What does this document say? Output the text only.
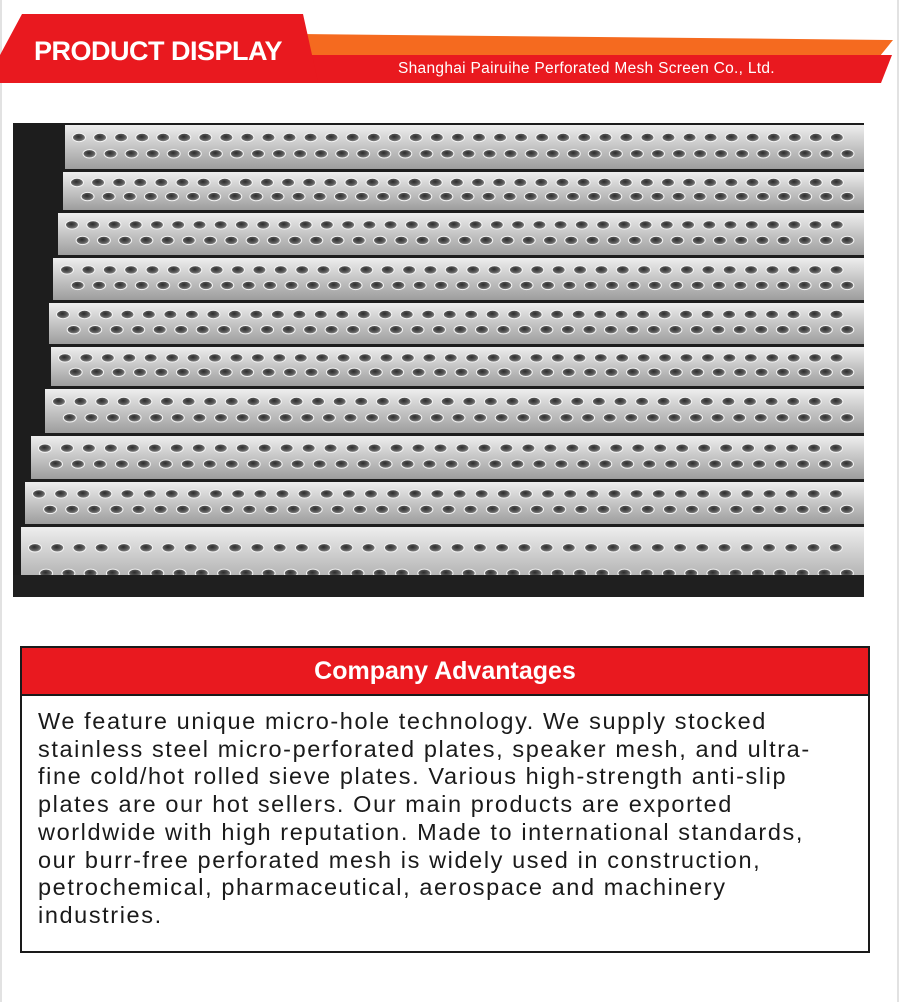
PRODUCT DISPLAY
Shanghai Pairuihe Perforated Mesh Screen Co., Ltd.
Company Advantages

We feature unique micro-hole technology. We supply stocked stainless steel micro-perforated plates, speaker mesh, and ultra-fine cold/hot rolled sieve plates. Various high-strength anti-slip plates are our hot sellers. Our main products are exported worldwide with high reputation. Made to international standards, our burr-free perforated mesh is widely used in construction, petrochemical, pharmaceutical, aerospace and machinery industries.
